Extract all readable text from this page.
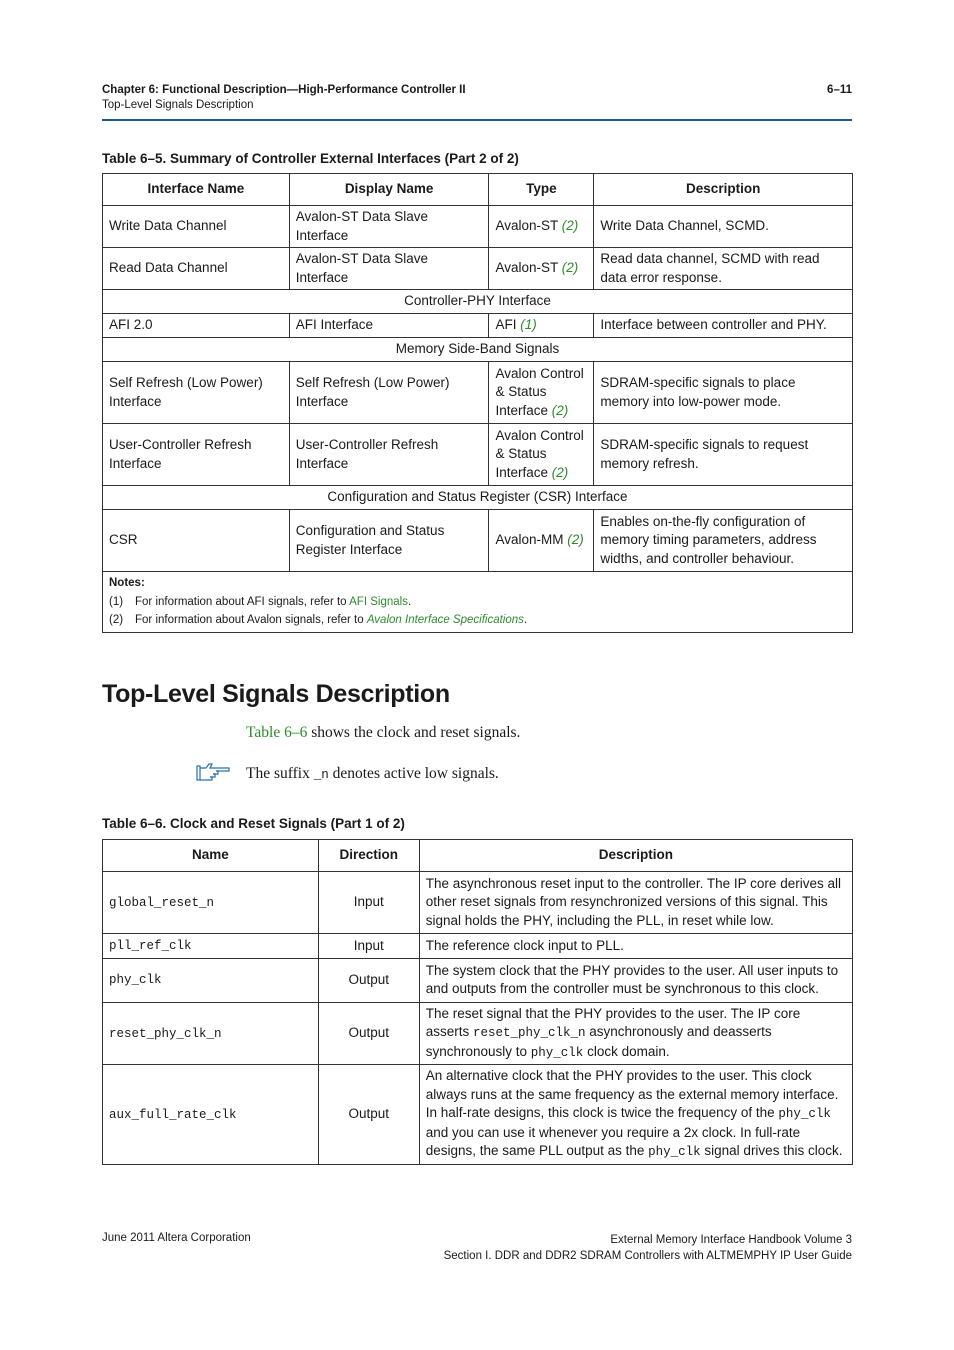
Chapter 6: Functional Description—High-Performance Controller II
Top-Level Signals Description
6–11
Table 6–5. Summary of Controller External Interfaces (Part 2 of 2)
Interface Name	Display Name	Type	Description
Write Data Channel	Avalon-ST Data Slave Interface	Avalon-ST (2)	Write Data Channel, SCMD.
Read Data Channel	Avalon-ST Data Slave Interface	Avalon-ST (2)	Read data channel, SCMD with read data error response.
Controller-PHY Interface			
AFI 2.0	AFI Interface	AFI (1)	Interface between controller and PHY.
Memory Side-Band Signals			
Self Refresh (Low Power) Interface	Self Refresh (Low Power) Interface	Avalon Control & Status Interface (2)	SDRAM-specific signals to place memory into low-power mode.
User-Controller Refresh Interface	User-Controller Refresh Interface	Avalon Control & Status Interface (2)	SDRAM-specific signals to request memory refresh.
Configuration and Status Register (CSR) Interface			
CSR	Configuration and Status Register Interface	Avalon-MM (2)	Enables on-the-fly configuration of memory timing parameters, address widths, and controller behaviour.

Notes:
(1) For information about AFI signals, refer to AFI Signals.
(2) For information about Avalon signals, refer to Avalon Interface Specifications.			
Top-Level Signals Description
Table 6–6 shows the clock and reset signals.
The suffix _n denotes active low signals.
Table 6–6. Clock and Reset Signals (Part 1 of 2)
Name	Direction	Description
global_reset_n	Input	The asynchronous reset input to the controller. The IP core derives all other reset signals from resynchronized versions of this signal. This signal holds the PHY, including the PLL, in reset while low.
pll_ref_clk	Input	The reference clock input to PLL.
phy_clk	Output	The system clock that the PHY provides to the user. All user inputs to and outputs from the controller must be synchronous to this clock.
reset_phy_clk_n	Output	The reset signal that the PHY provides to the user. The IP core asserts reset_phy_clk_n asynchronously and deasserts synchronously to phy_clk clock domain.
aux_full_rate_clk	Output	An alternative clock that the PHY provides to the user. This clock always runs at the same frequency as the external memory interface. In half-rate designs, this clock is twice the frequency of the phy_clk and you can use it whenever you require a 2x clock. In full-rate designs, the same PLL output as the phy_clk signal drives this clock.
June 2011 Altera Corporation	External Memory Interface Handbook Volume 3
Section I. DDR and DDR2 SDRAM Controllers with ALTMEMPHY IP User Guide
